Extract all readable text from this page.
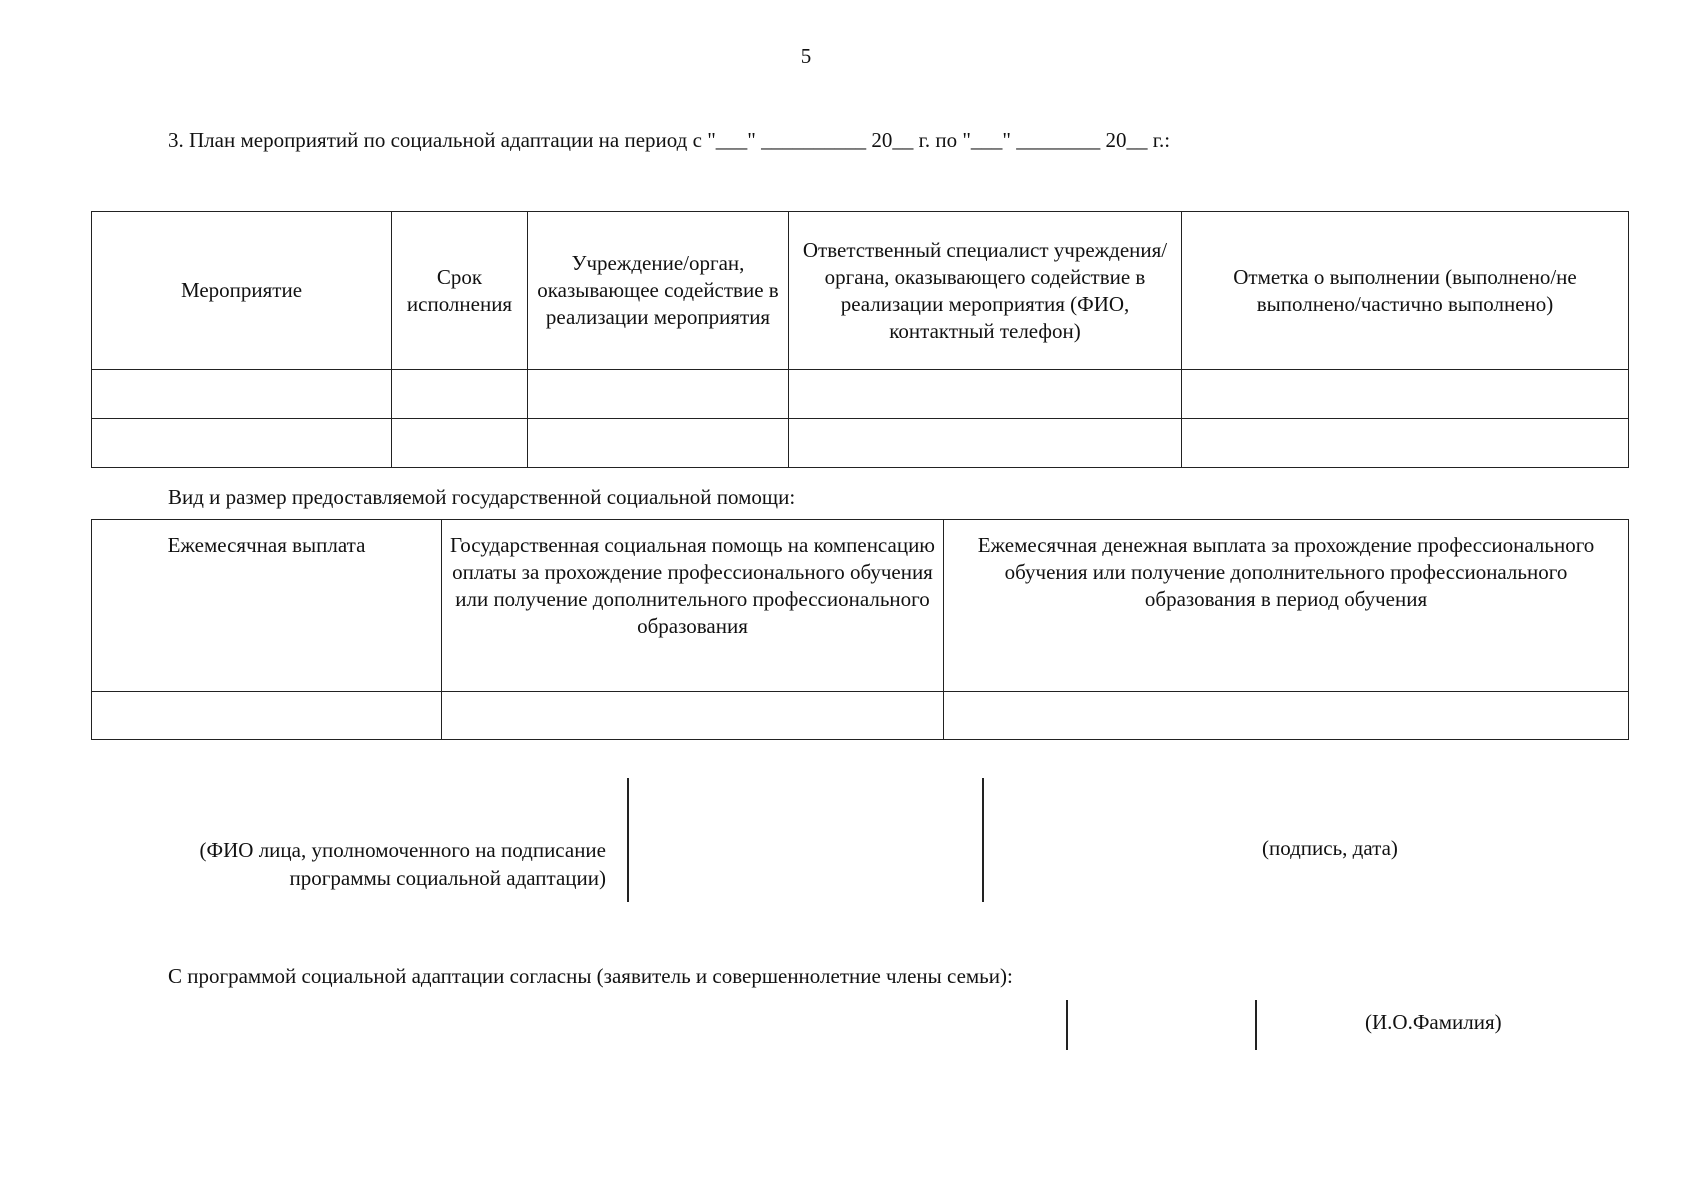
5
3. План мероприятий по социальной адаптации на период с "___" __________ 20__ г. по "___" ________ 20__ г.:
Мероприятие	Срок исполнения	Учреждение/орган, оказывающее содействие в реализации мероприятия	Ответственный специалист учреждения/органа, оказывающего содействие в реализации мероприятия (ФИО, контактный телефон)	Отметка о выполнении (выполнено/не выполнено/частично выполнено)

Вид и размер предоставляемой государственной социальной помощи:
Ежемесячная выплата	Государственная социальная помощь на компенсацию оплаты за прохождение профессионального обучения или получение дополнительного профессионального образования	Ежемесячная денежная выплата за прохождение профессионального обучения или получение дополнительного профессионального образования в период обучения

(ФИО лица, уполномоченного на подписание программы социальной адаптации)
(подпись, дата)
С программой социальной адаптации согласны (заявитель и совершеннолетние члены семьи):
(И.О.Фамилия)
